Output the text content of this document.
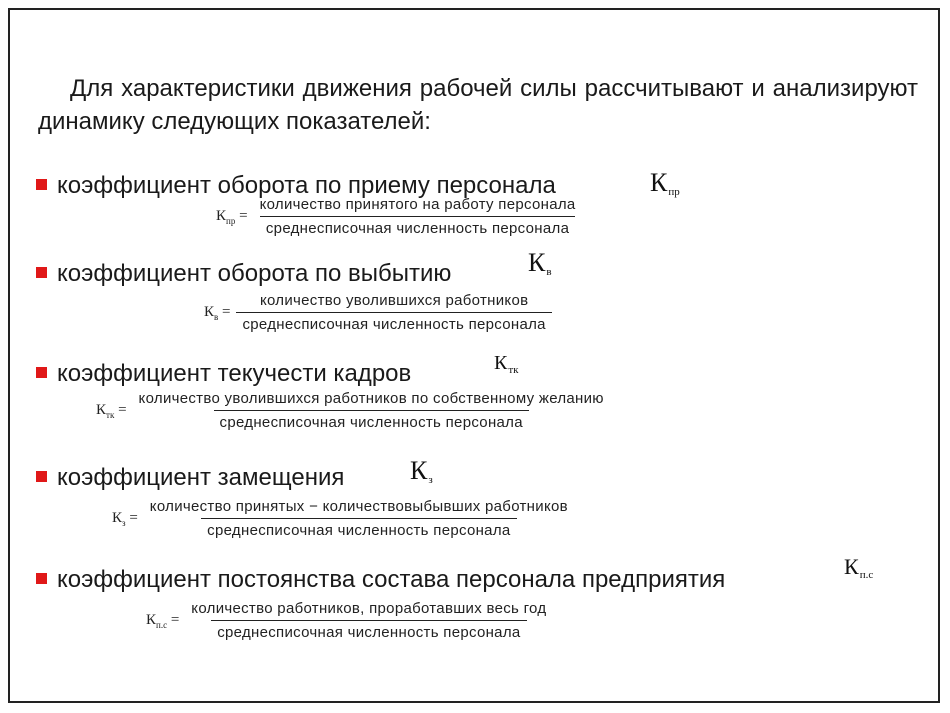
Для характеристики движения рабочей силы рассчитывают и анализируют динамику следующих показателей:
коэффициент оборота по приему персонала	Кпр
$К_{пр} = \frac{\text{количество принятого на работу персонала}}{\text{среднесписочная численность персонала}}$
коэффициент оборота по выбытию	Кв
$К_в = \frac{\text{количество уволившихся работников}}{\text{среднесписочная численность персонала}}$
коэффициент текучести кадров	$К_{тк}$
$К_{тк} = \frac{\text{количество уволившихся работников по собственному желанию}}{\text{среднесписочная численность персонала}}$
коэффициент замещения	Кз
$К_з = \frac{\text{количество принятых − количествовыбывших работников}}{\text{среднесписочная численность персонала}}$
коэффициент постоянства состава персонала предприятия	Кп.с
$К_{п.с} = \frac{\text{количество работников, проработавших весь год}}{\text{среднесписочная численность персонала}}$
